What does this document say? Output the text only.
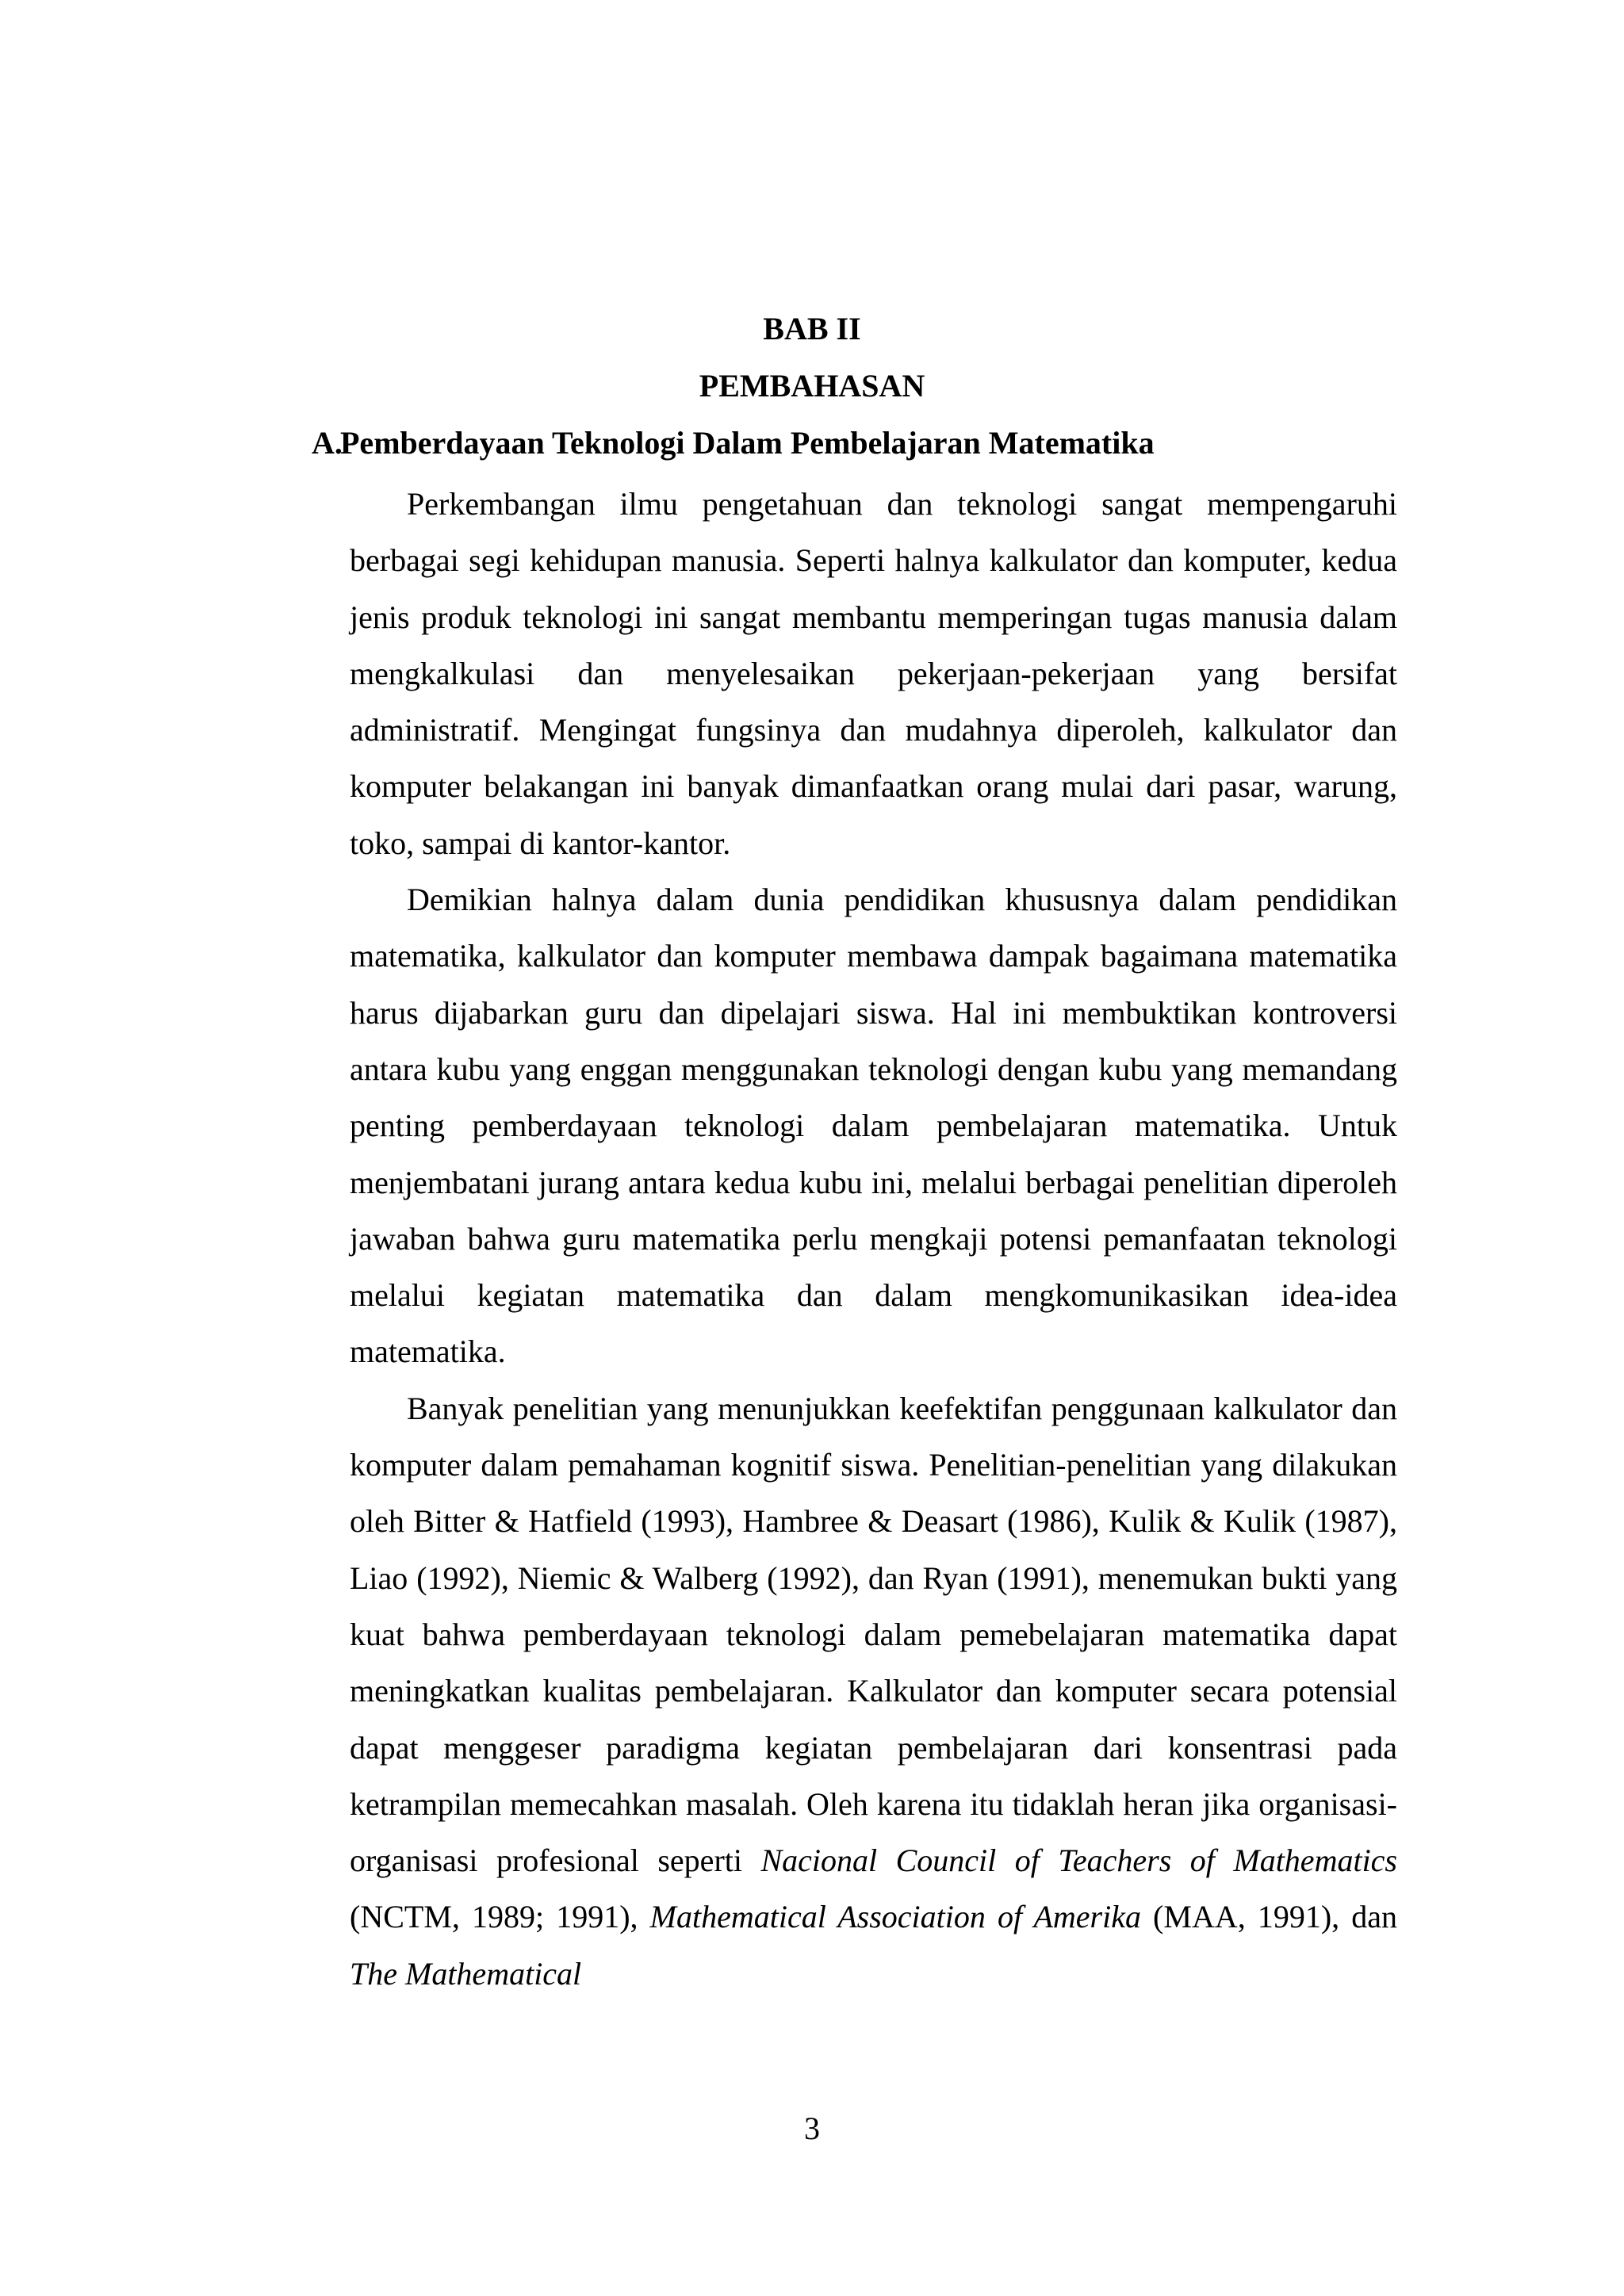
BAB II
PEMBAHASAN
A.Pemberdayaan Teknologi Dalam Pembelajaran Matematika

Perkembangan ilmu pengetahuan dan teknologi sangat mempengaruhi berbagai segi kehidupan manusia. Seperti halnya kalkulator dan komputer, kedua jenis produk teknologi ini sangat membantu memperingan tugas manusia dalam mengkalkulasi dan menyelesaikan pekerjaan-pekerjaan yang bersifat administratif. Mengingat fungsinya dan mudahnya diperoleh, kalkulator dan komputer belakangan ini banyak dimanfaatkan orang mulai dari pasar, warung, toko, sampai di kantor-kantor.

Demikian halnya dalam dunia pendidikan khususnya dalam pendidikan matematika, kalkulator dan komputer membawa dampak bagaimana matematika harus dijabarkan guru dan dipelajari siswa. Hal ini membuktikan kontroversi antara kubu yang enggan menggunakan teknologi dengan kubu yang memandang penting pemberdayaan teknologi dalam pembelajaran matematika. Untuk menjembatani jurang antara kedua kubu ini, melalui berbagai penelitian diperoleh jawaban bahwa guru matematika perlu mengkaji potensi pemanfaatan teknologi melalui kegiatan matematika dan dalam mengkomunikasikan idea-idea matematika.

Banyak penelitian yang menunjukkan keefektifan penggunaan kalkulator dan komputer dalam pemahaman kognitif siswa. Penelitian-penelitian yang dilakukan oleh Bitter & Hatfield (1993), Hambree & Deasart (1986), Kulik & Kulik (1987), Liao (1992), Niemic & Walberg (1992), dan Ryan (1991), menemukan bukti yang kuat bahwa pemberdayaan teknologi dalam pemebelajaran matematika dapat meningkatkan kualitas pembelajaran. Kalkulator dan komputer secara potensial dapat menggeser paradigma kegiatan pembelajaran dari konsentrasi pada ketrampilan memecahkan masalah. Oleh karena itu tidaklah heran jika organisasi-organisasi profesional seperti Nacional Council of Teachers of Mathematics (NCTM, 1989; 1991), Mathematical Association of Amerika (MAA, 1991), dan The Mathematical

3
